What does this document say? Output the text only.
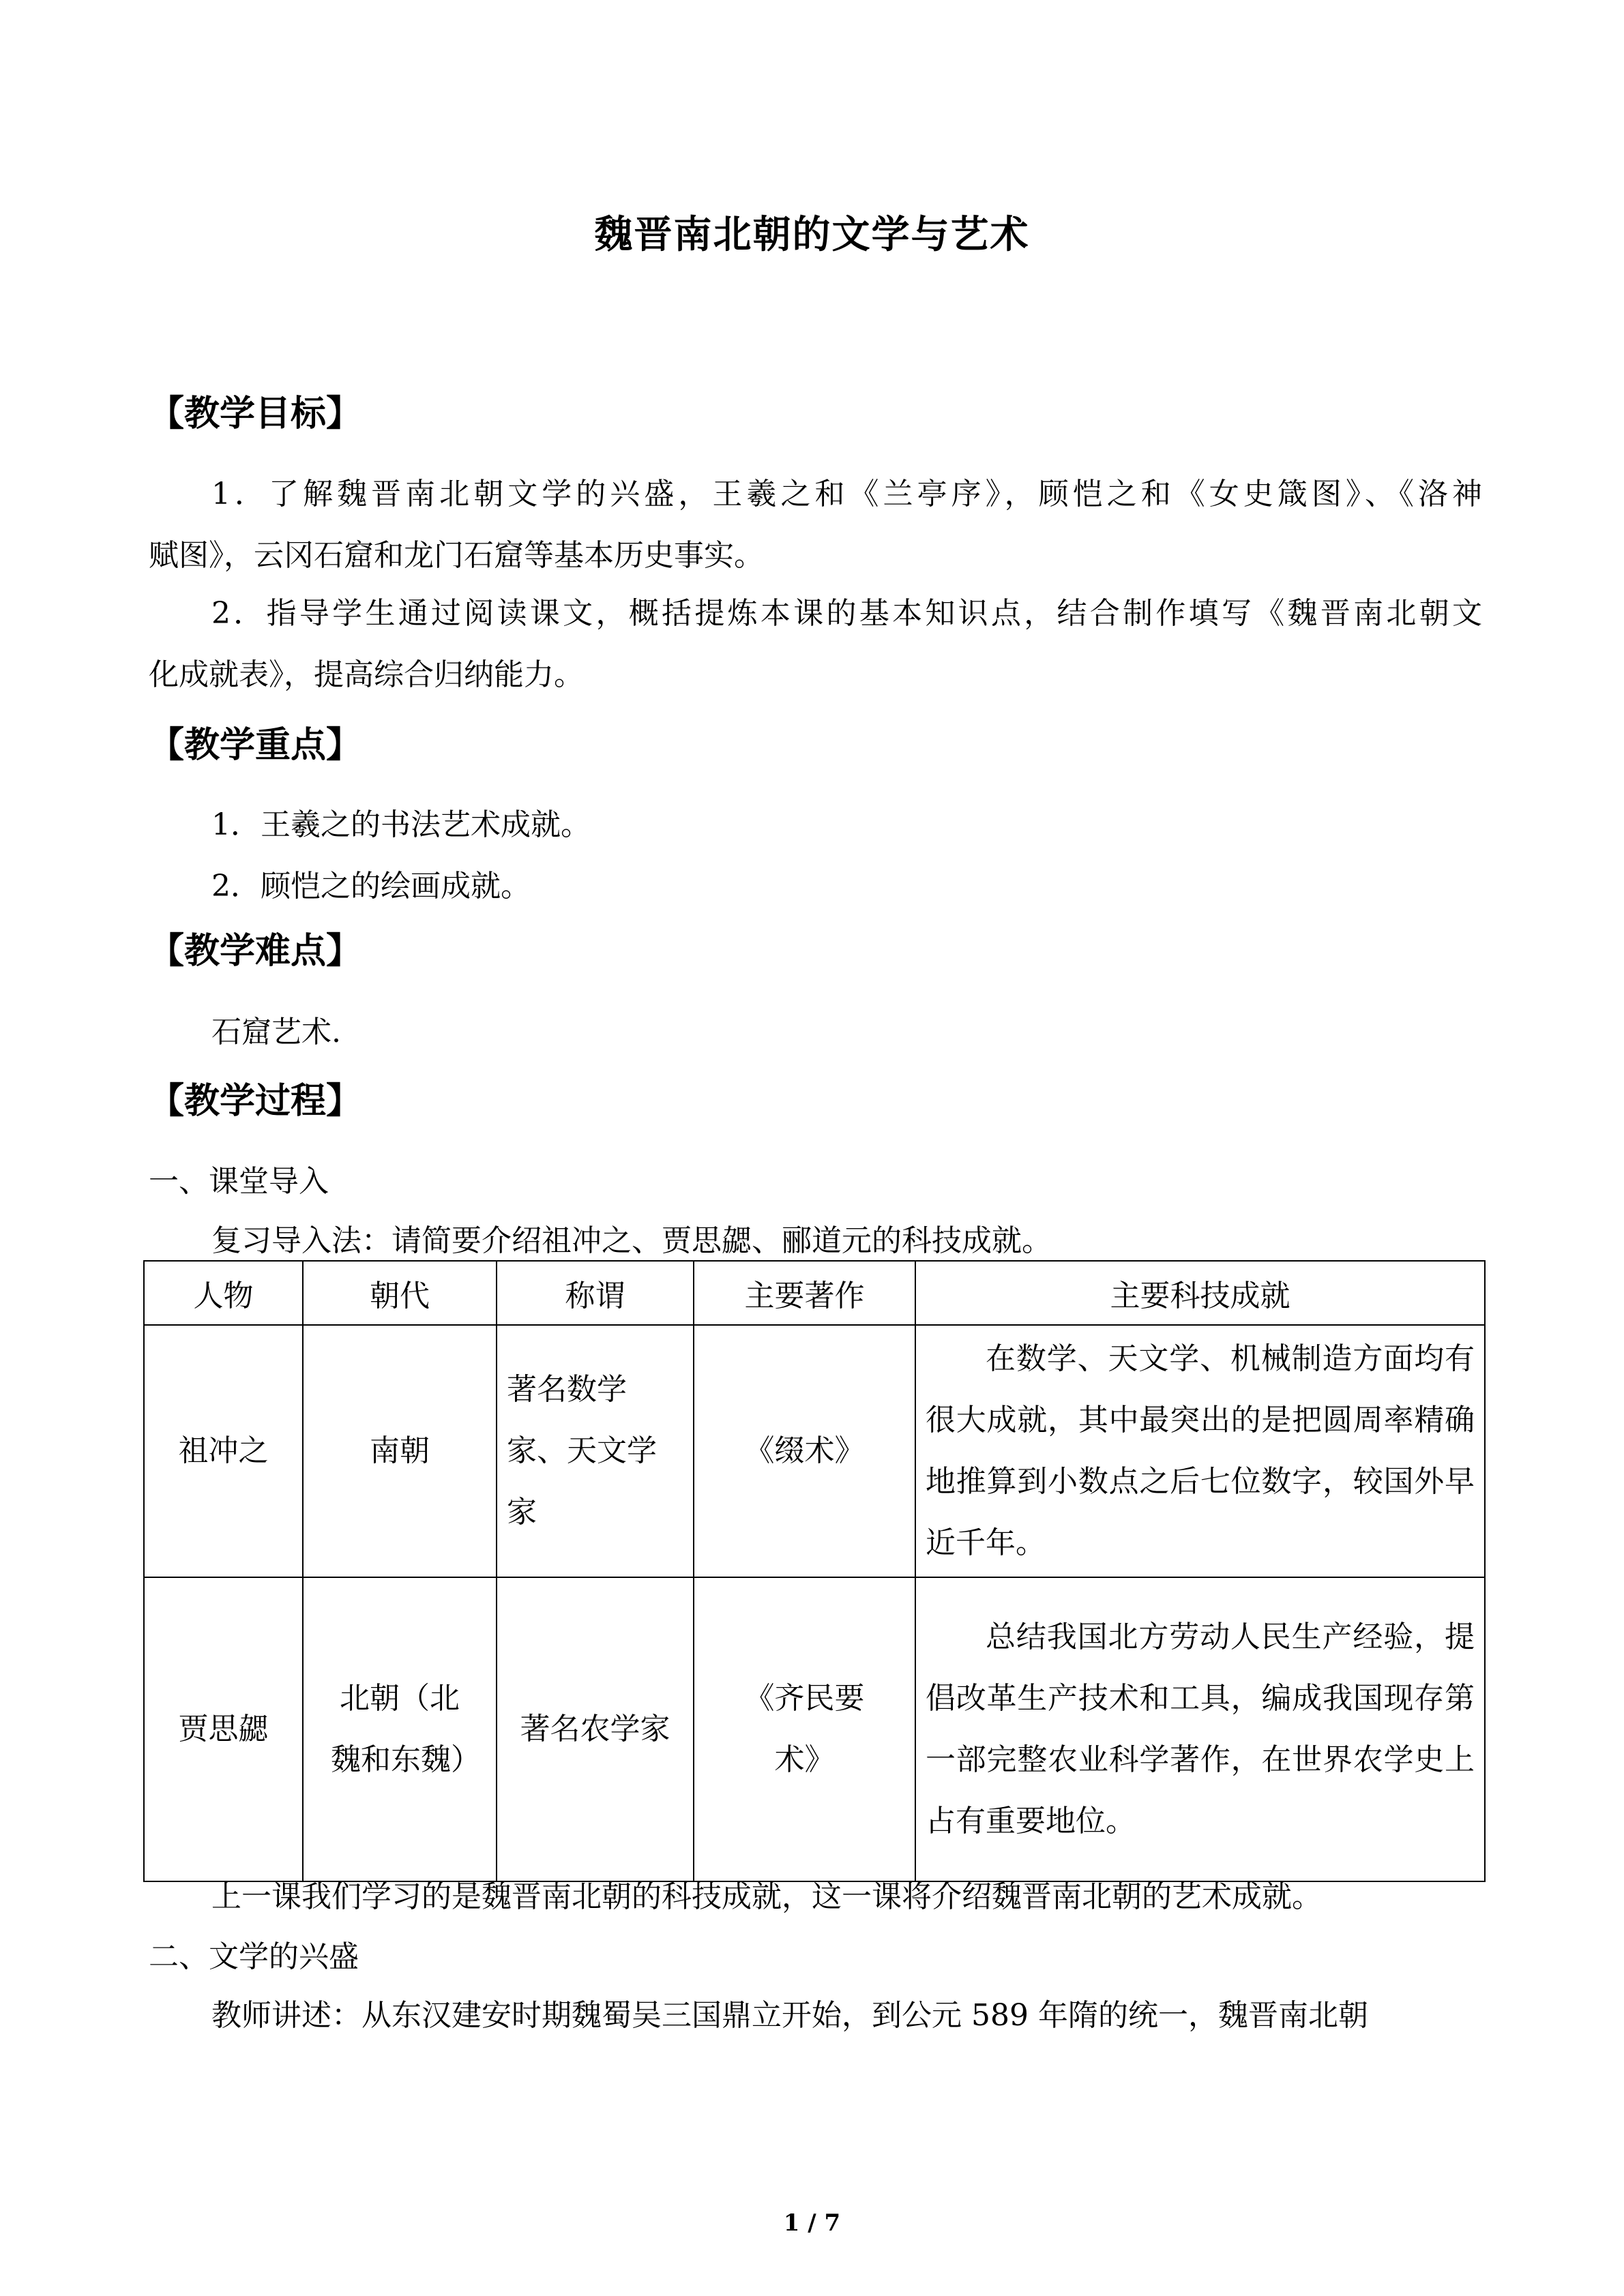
魏晋南北朝的文学与艺术
【教学目标】
1．了解魏晋南北朝文学的兴盛，王羲之和《兰亭序》，顾恺之和《女史箴图》、《洛神
赋图》，云冈石窟和龙门石窟等基本历史事实。
2．指导学生通过阅读课文，概括提炼本课的基本知识点，结合制作填写《魏晋南北朝文
化成就表》，提高综合归纳能力。
【教学重点】
1．王羲之的书法艺术成就。
2．顾恺之的绘画成就。
【教学难点】
石窟艺术.
【教学过程】
一、课堂导入
复习导入法：请简要介绍祖冲之、贾思勰、郦道元的科技成就。
人物	朝代	称谓	主要著作	主要科技成就
祖冲之	南朝	著名数学家、天文学家	《缀术》	在数学、天文学、机械制造方面均有很大成就，其中最突出的是把圆周率精确地推算到小数点之后七位数字，较国外早近千年。
贾思勰	北朝（北魏和东魏）	著名农学家	《齐民要术》	总结我国北方劳动人民生产经验，提倡改革生产技术和工具，编成我国现存第一部完整农业科学著作，在世界农学史上占有重要地位。
上一课我们学习的是魏晋南北朝的科技成就，这一课将介绍魏晋南北朝的艺术成就。
二、文学的兴盛
教师讲述：从东汉建安时期魏蜀吴三国鼎立开始，到公元 589 年隋的统一，魏晋南北朝
1 / 7
